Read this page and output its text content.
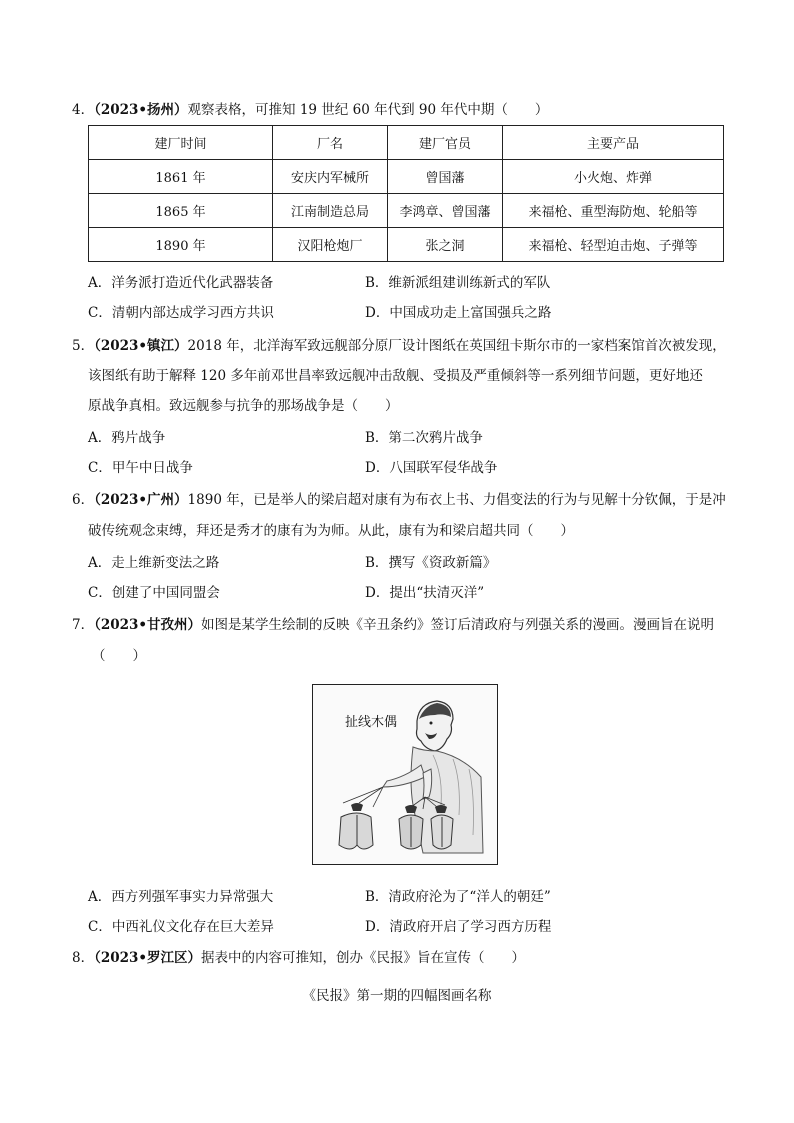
4．（2023•扬州）观察表格，可推知 19 世纪 60 年代到 90 年代中期（　　）
建厂时间	厂名	建厂官员	主要产品
1861 年	安庆内军械所	曾国藩	小火炮、炸弹
1865 年	江南制造总局	李鸿章、曾国藩	来福枪、重型海防炮、轮船等
1890 年	汉阳枪炮厂	张之洞	来福枪、轻型迫击炮、子弹等
A．洋务派打造近代化武器装备	B．维新派组建训练新式的军队
C．清朝内部达成学习西方共识	D．中国成功走上富国强兵之路
5．（2023•镇江）2018 年，北洋海军致远舰部分原厂设计图纸在英国纽卡斯尔市的一家档案馆首次被发现，
该图纸有助于解释 120 多年前邓世昌率致远舰冲击敌舰、受损及严重倾斜等一系列细节问题，更好地还
原战争真相。致远舰参与抗争的那场战争是（　　）
A．鸦片战争	B．第二次鸦片战争
C．甲午中日战争	D．八国联军侵华战争
6．（2023•广州）1890 年，已是举人的梁启超对康有为布衣上书、力倡变法的行为与见解十分钦佩，于是冲
破传统观念束缚，拜还是秀才的康有为为师。从此，康有为和梁启超共同（　　）
A．走上维新变法之路	B．撰写《资政新篇》
C．创建了中国同盟会	D．提出“扶清灭洋”
7．（2023•甘孜州）如图是某学生绘制的反映《辛丑条约》签订后清政府与列强关系的漫画。漫画旨在说明
（　　）
扯线木偶
A．西方列强军事实力异常强大	B．清政府沦为了“洋人的朝廷”
C．中西礼仪文化存在巨大差异	D．清政府开启了学习西方历程
8．（2023•罗江区）据表中的内容可推知，创办《民报》旨在宣传（　　）
《民报》第一期的四幅图画名称
